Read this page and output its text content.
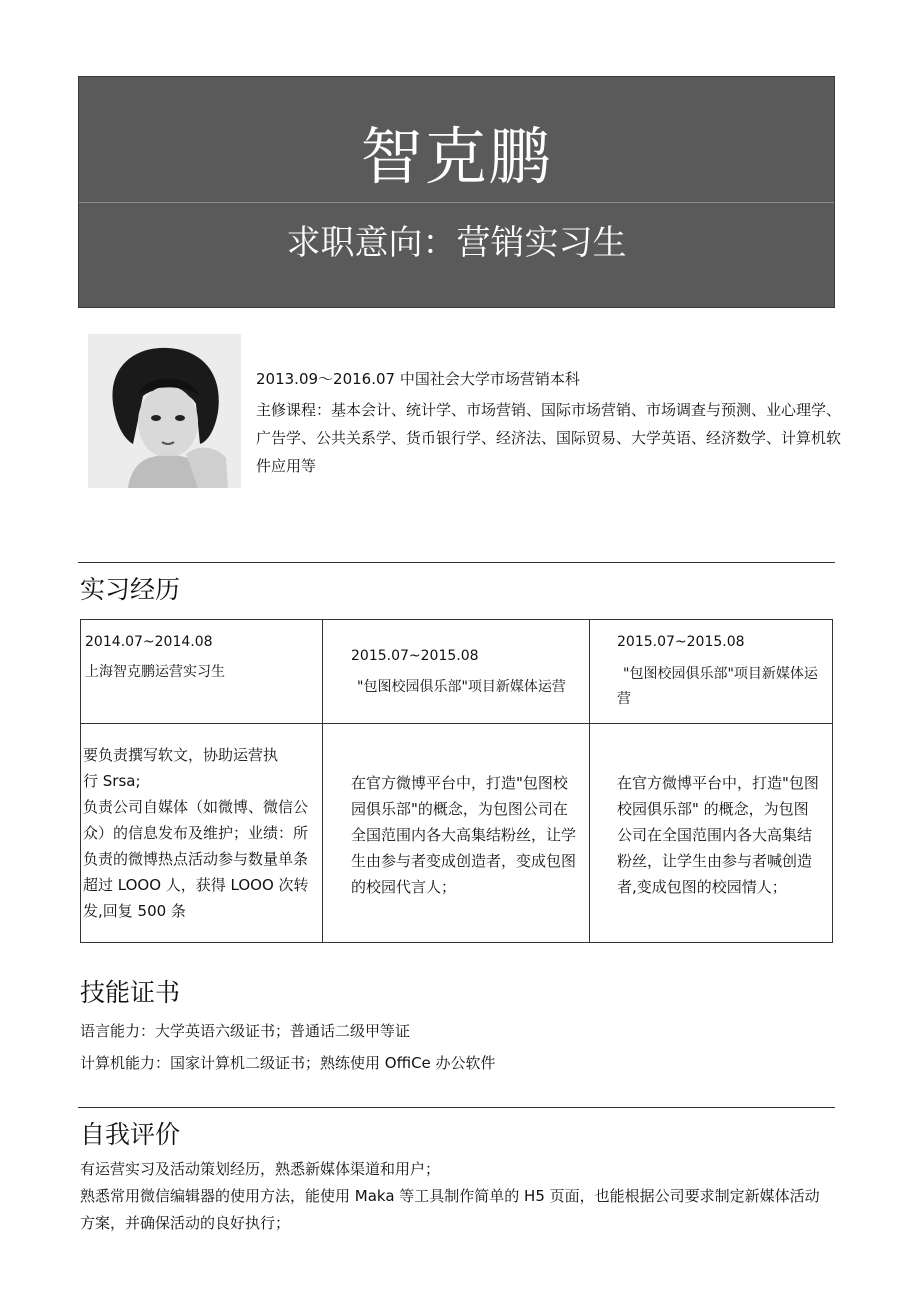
智克鹏
求职意向：营销实习生
2013.09～2016.07 中国社会大学市场营销本科
主修课程：基本会计、统计学、市场营销、国际市场营销、市场调查与预测、业心理学、广告学、公共关系学、货币银行学、经济法、国际贸易、大学英语、经济数学、计算机软件应用等
实习经历
2014.07~2014.08
上海智克鹏运营实习生
2015.07~2015.08
"包图校园俱乐部"项目新媒体运营
2015.07~2015.08
"包图校园俱乐部"项目新媒体运
营
要负责撰写软文，协助运营执
行 Srsa;
负责公司自媒体（如微博、微信公
众）的信息发布及维护；业绩：所
负责的微博热点活动参与数量单条
超过 LOOO 人，获得 LOOO 次转
发,回复 500 条
在官方微博平台中，打造"包图校
园俱乐部"的概念，为包图公司在
全国范围内各大高集结粉丝，让学
生由参与者变成创造者，变成包图
的校园代言人；
在官方微博平台中，打造"包图
校园俱乐部" 的概念，为包图
公司在全国范围内各大高集结
粉丝，让学生由参与者喊创造
者,变成包图的校园情人；
技能证书
语言能力：大学英语六级证书；普通话二级甲等证
计算机能力：国家计算机二级证书；熟练使用 OffiCe 办公软件
自我评价
有运营实习及活动策划经历，熟悉新媒体渠道和用户；
熟悉常用微信编辑器的使用方法，能使用 Maka 等工具制作简单的 H5 页面，也能根据公司要求制定新媒体活动
方案，并确保活动的良好执行；
